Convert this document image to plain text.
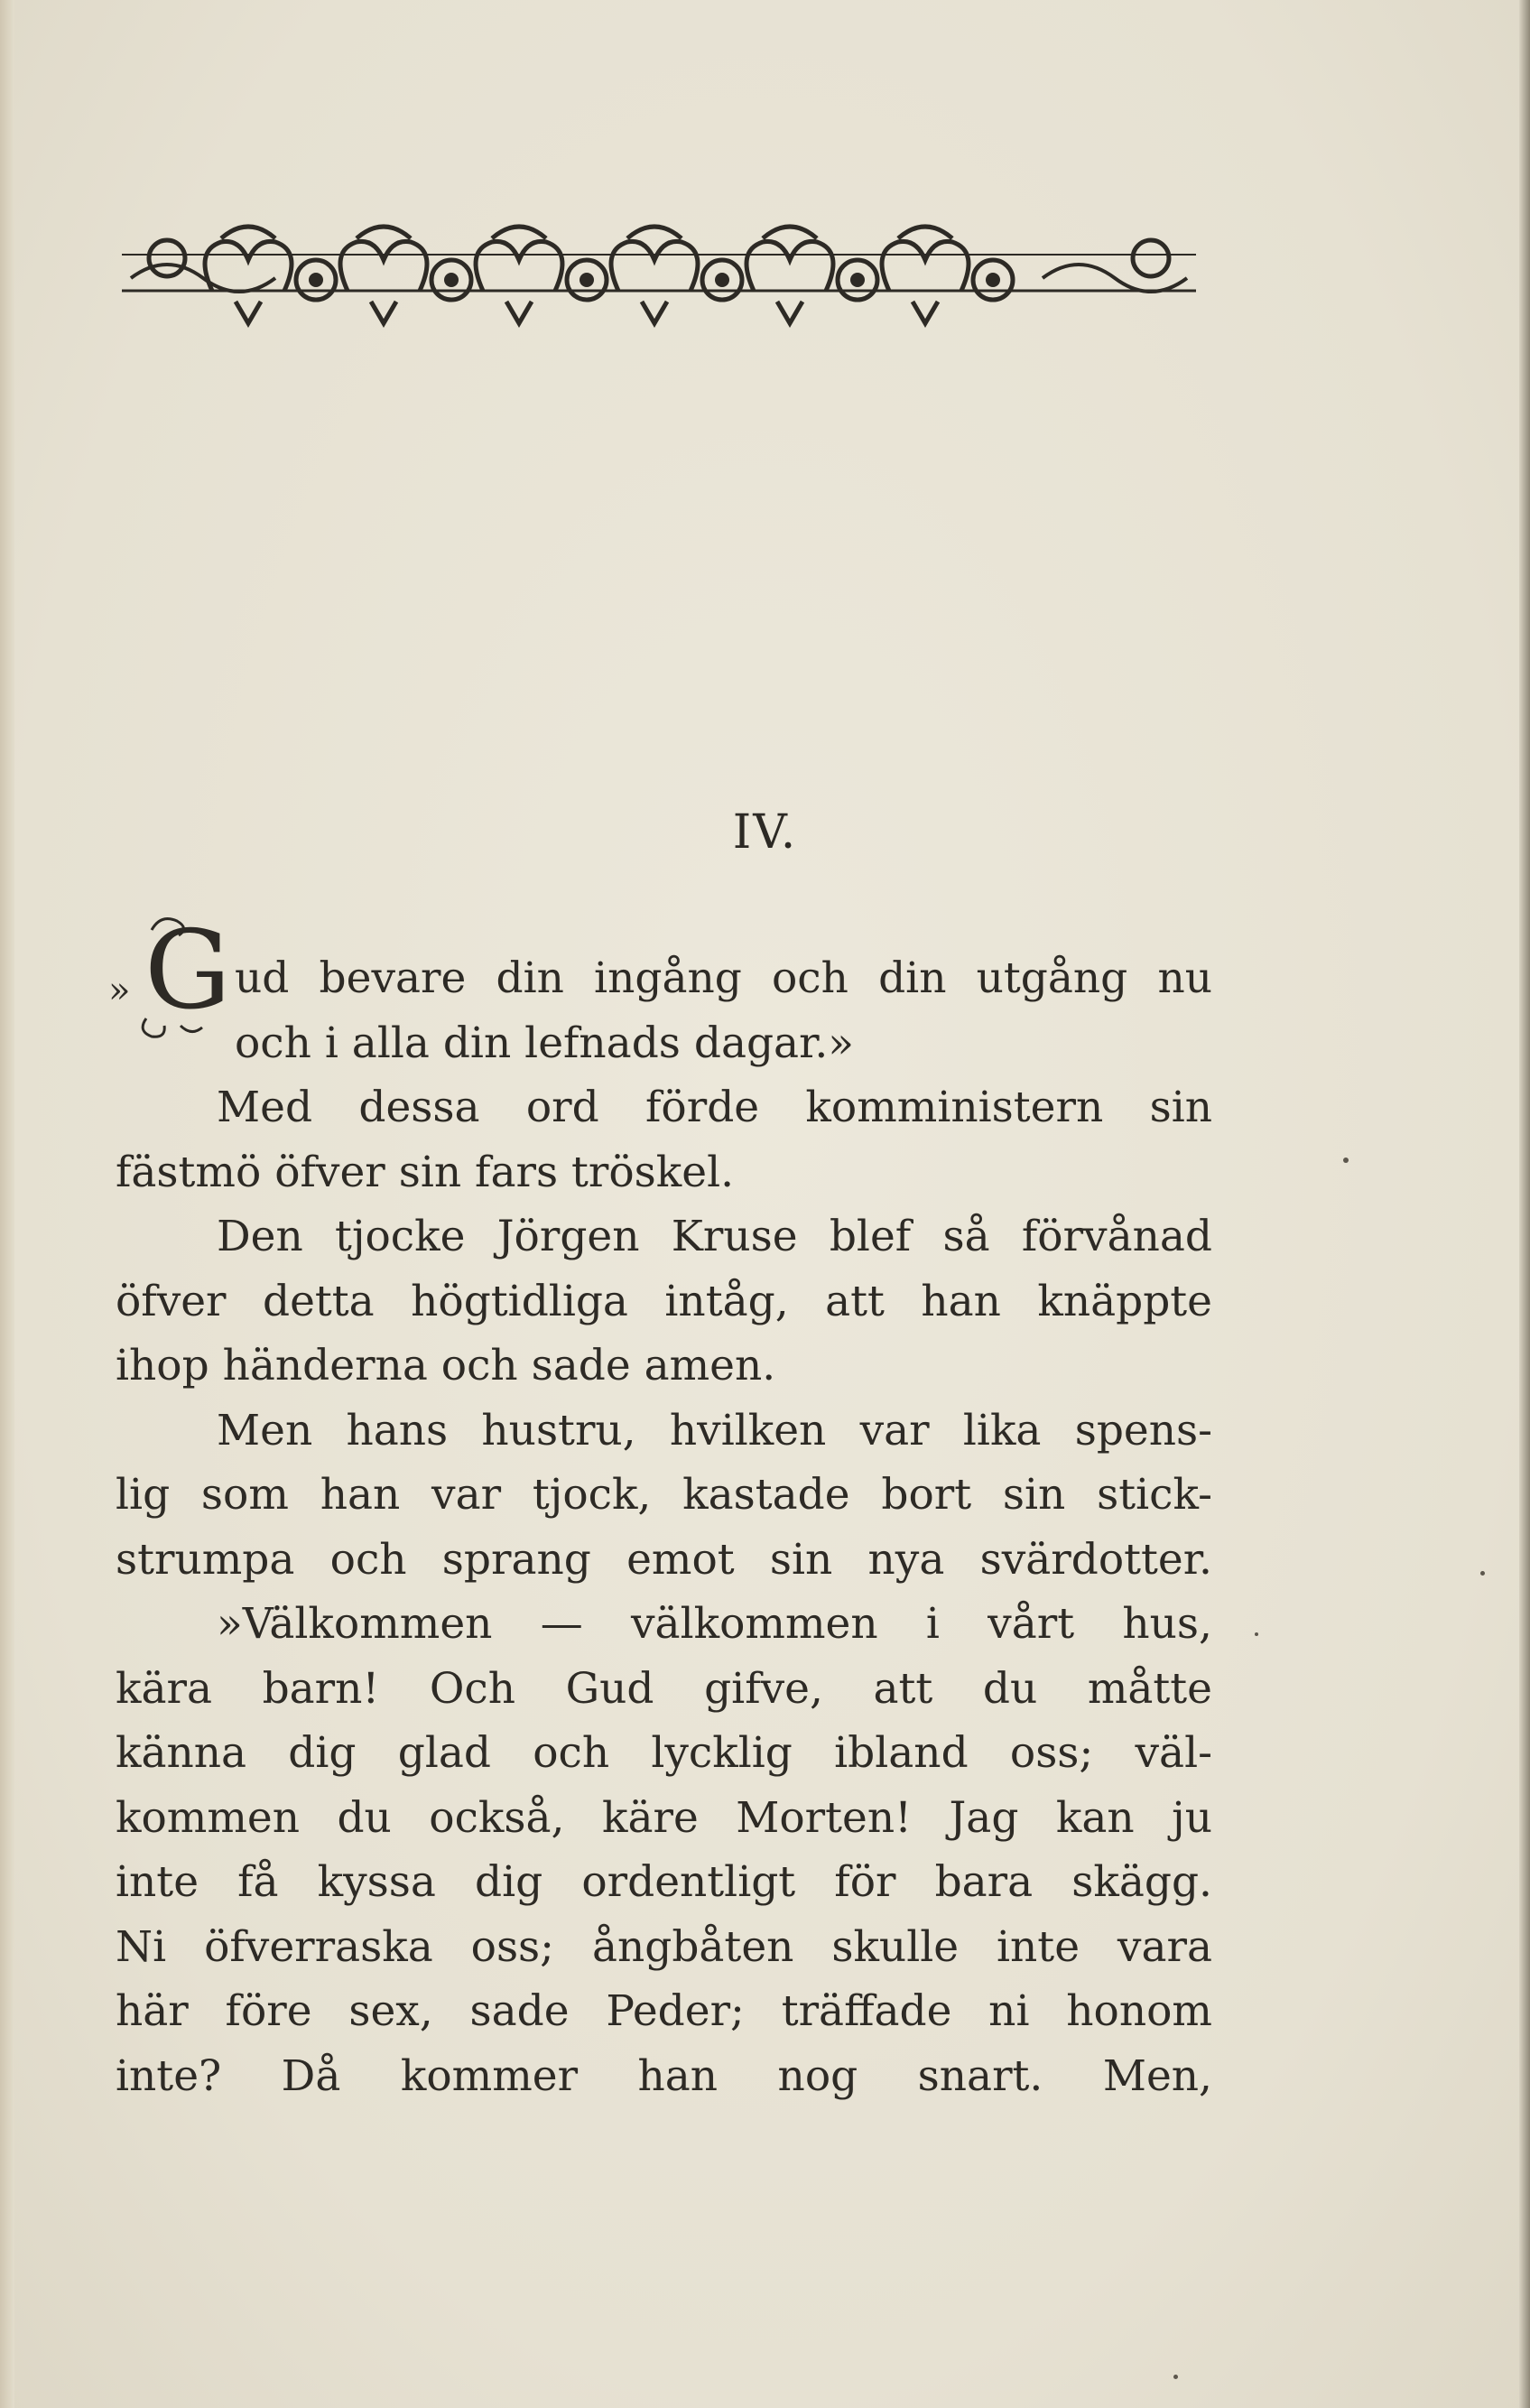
IV.
» G ud bevare din ingång och din utgång nu
och i alla din lefnads dagar.»
Med dessa ord förde komministern sin
fästmö öfver sin fars tröskel.
Den tjocke Jörgen Kruse blef så förvånad
öfver detta högtidliga intåg, att han knäppte
ihop händerna och sade amen.
Men hans hustru, hvilken var lika spens-
lig som han var tjock, kastade bort sin stick-
strumpa och sprang emot sin nya svärdotter.
»Välkommen — välkommen i vårt hus,
kära barn! Och Gud gifve, att du måtte
känna dig glad och lycklig ibland oss; väl-
kommen du också, käre Morten! Jag kan ju
inte få kyssa dig ordentligt för bara skägg.
Ni öfverraska oss; ångbåten skulle inte vara
här före sex, sade Peder; träffade ni honom
inte? Då kommer han nog snart. Men,
